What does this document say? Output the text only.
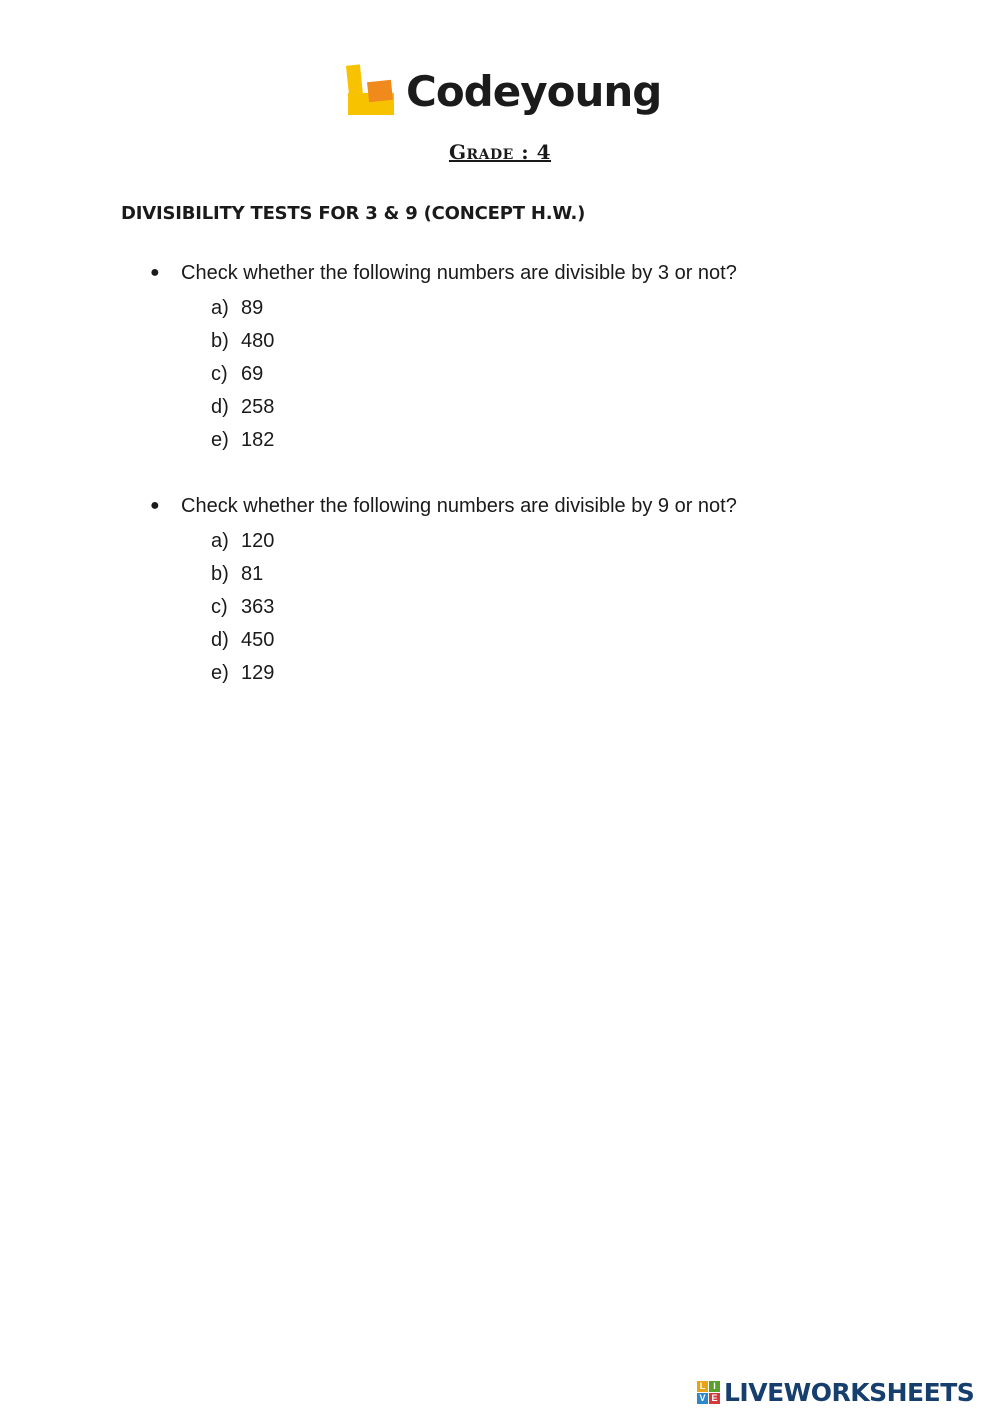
Codeyoung
Grade : 4
DIVISIBILITY TESTS FOR 3 & 9 (CONCEPT H.W.)
●	Check whether the following numbers are divisible by 3 or not?
a) 89
b) 480
c) 69
d) 258
e) 182
●	Check whether the following numbers are divisible by 9 or not?
a) 120
b) 81
c) 363
d) 450
e) 129
L I
V E LIVEWORKSHEETS
